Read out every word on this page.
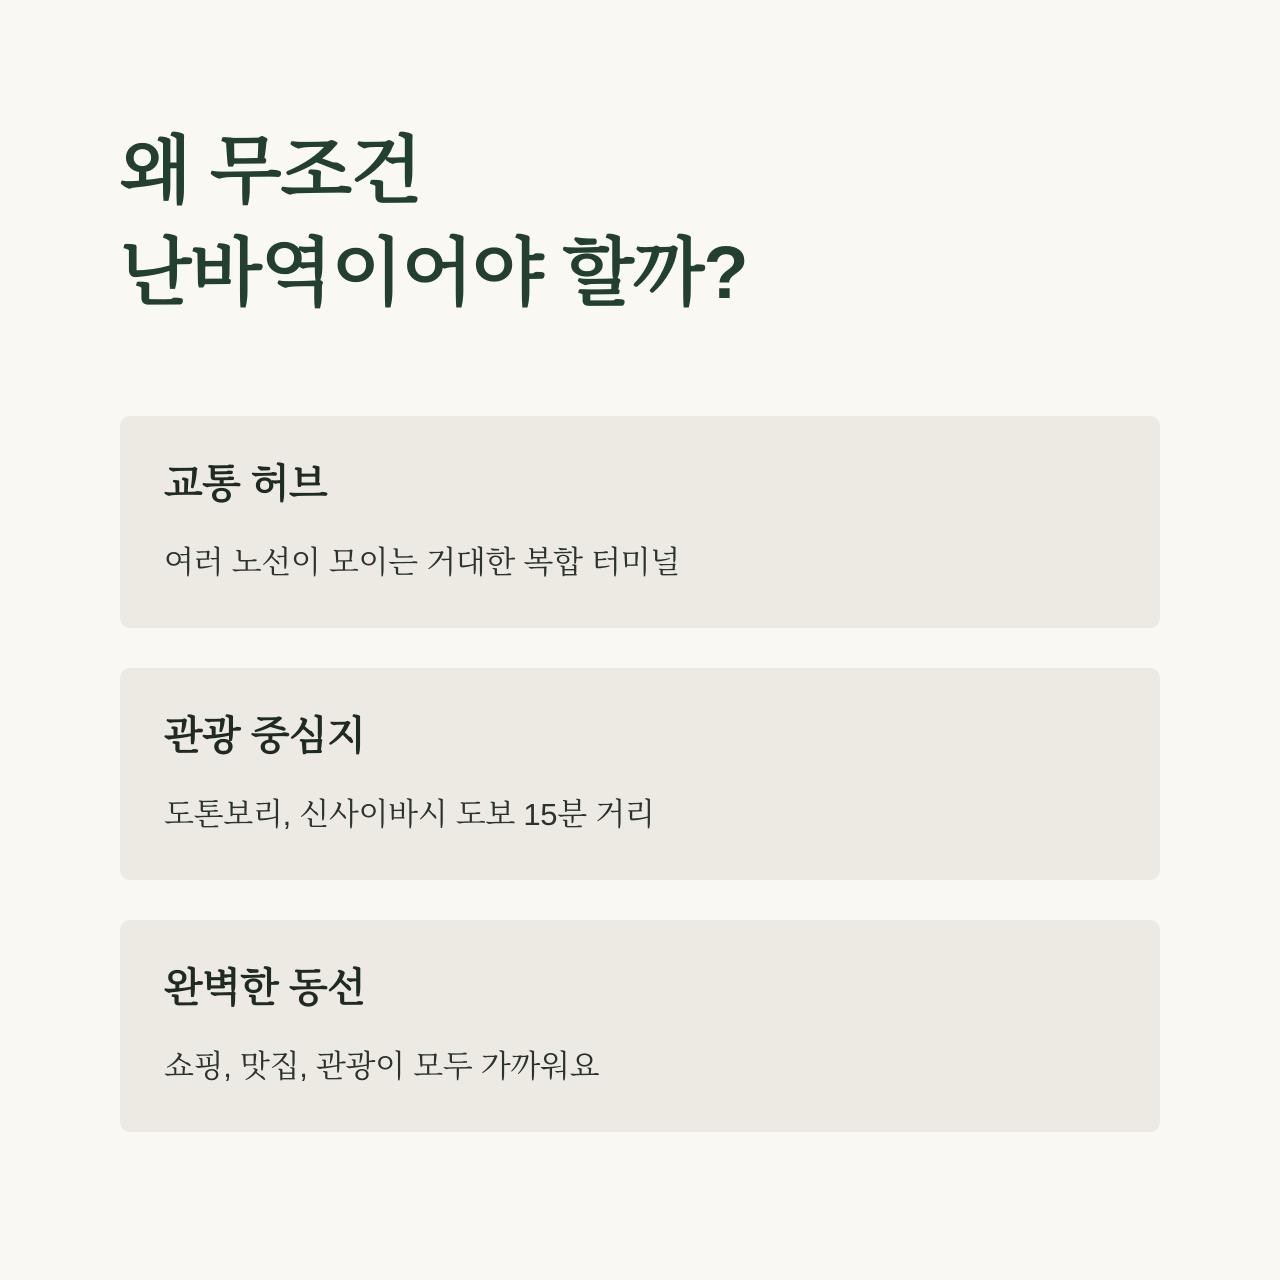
왜 무조건
난바역이어야 할까?
교통 허브
여러 노선이 모이는 거대한 복합 터미널
관광 중심지
도톤보리, 신사이바시 도보 15분 거리
완벽한 동선
쇼핑, 맛집, 관광이 모두 가까워요
